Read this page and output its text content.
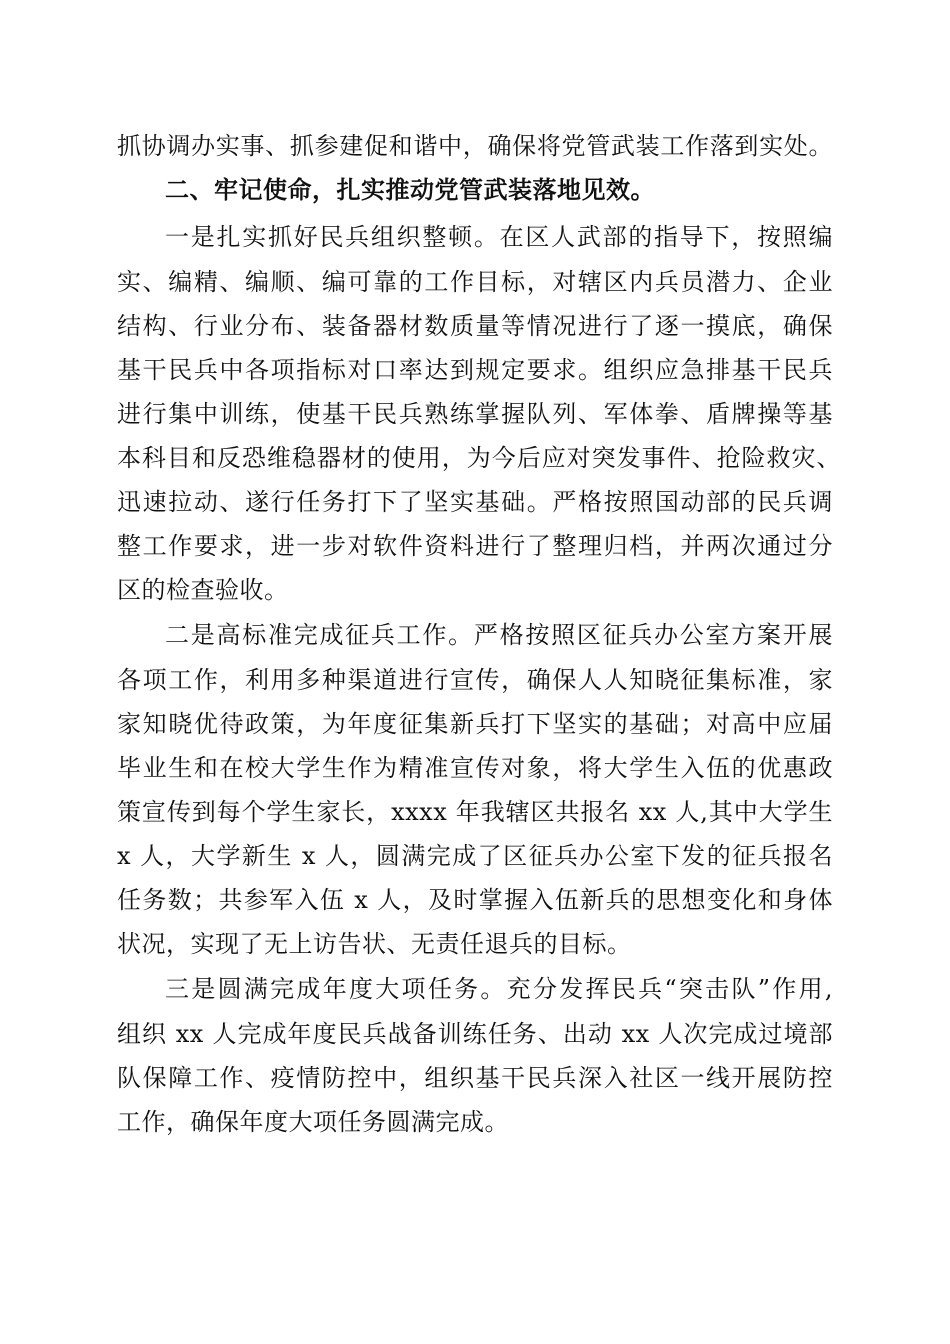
抓协调办实事、抓参建促和谐中，确保将党管武装工作落到实处。
二、牢记使命，扎实推动党管武装落地见效。
一是扎实抓好民兵组织整顿。在区人武部的指导下，按照编
实、编精、编顺、编可靠的工作目标，对辖区内兵员潜力、企业
结构、行业分布、装备器材数质量等情况进行了逐一摸底，确保
基干民兵中各项指标对口率达到规定要求。组织应急排基干民兵
进行集中训练，使基干民兵熟练掌握队列、军体拳、盾牌操等基
本科目和反恐维稳器材的使用，为今后应对突发事件、抢险救灾、
迅速拉动、遂行任务打下了坚实基础。严格按照国动部的民兵调
整工作要求，进一步对软件资料进行了整理归档，并两次通过分
区的检查验收。
二是高标准完成征兵工作。严格按照区征兵办公室方案开展
各项工作，利用多种渠道进行宣传，确保人人知晓征集标准，家
家知晓优待政策，为年度征集新兵打下坚实的基础；对高中应届
毕业生和在校大学生作为精准宣传对象，将大学生入伍的优惠政
策宣传到每个学生家长，xxxx 年我辖区共报名 xx 人,其中大学生
x 人，大学新生 x 人，圆满完成了区征兵办公室下发的征兵报名
任务数；共参军入伍 x 人，及时掌握入伍新兵的思想变化和身体
状况，实现了无上访告状、无责任退兵的目标。
三是圆满完成年度大项任务。充分发挥民兵“突击队”作用,
组织 xx 人完成年度民兵战备训练任务、出动 xx 人次完成过境部
队保障工作、疫情防控中，组织基干民兵深入社区一线开展防控
工作，确保年度大项任务圆满完成。
